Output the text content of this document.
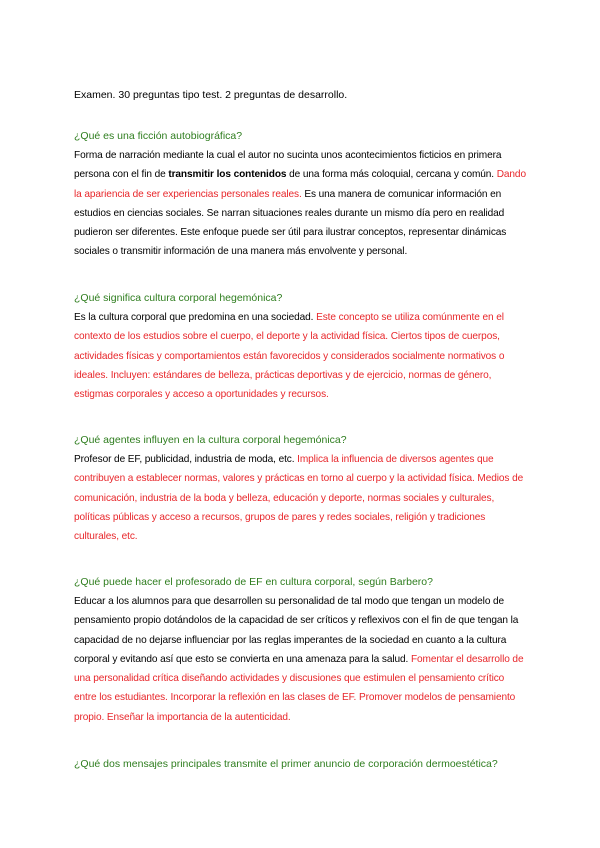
Examen. 30 preguntas tipo test. 2 preguntas de desarrollo.
¿Qué es una ficción autobiográfica?
Forma de narración mediante la cual el autor no sucinta unos acontecimientos ficticios en primera persona con el fin de transmitir los contenidos de una forma más coloquial, cercana y común. Dando la apariencia de ser experiencias personales reales. Es una manera de comunicar información en estudios en ciencias sociales. Se narran situaciones reales durante un mismo día pero en realidad pudieron ser diferentes. Este enfoque puede ser útil para ilustrar conceptos, representar dinámicas sociales o transmitir información de una manera más envolvente y personal.
¿Qué significa cultura corporal hegemónica?
Es la cultura corporal que predomina en una sociedad. Este concepto se utiliza comúnmente en el contexto de los estudios sobre el cuerpo, el deporte y la actividad física. Ciertos tipos de cuerpos, actividades físicas y comportamientos están favorecidos y considerados socialmente normativos o ideales. Incluyen: estándares de belleza, prácticas deportivas y de ejercicio, normas de género, estigmas corporales y acceso a oportunidades y recursos.
¿Qué agentes influyen en la cultura corporal hegemónica?
Profesor de EF, publicidad, industria de moda, etc. Implica la influencia de diversos agentes que contribuyen a establecer normas, valores y prácticas en torno al cuerpo y la actividad física. Medios de comunicación, industria de la boda y belleza, educación y deporte, normas sociales y culturales, políticas públicas y acceso a recursos, grupos de pares y redes sociales, religión y tradiciones culturales, etc.
¿Qué puede hacer el profesorado de EF en cultura corporal, según Barbero?
Educar a los alumnos para que desarrollen su personalidad de tal modo que tengan un modelo de pensamiento propio dotándolos de la capacidad de ser críticos y reflexivos con el fin de que tengan la capacidad de no dejarse influenciar por las reglas imperantes de la sociedad en cuanto a la cultura corporal y evitando así que esto se convierta en una amenaza para la salud. Fomentar el desarrollo de una personalidad crítica diseñando actividades y discusiones que estimulen el pensamiento crítico entre los estudiantes. Incorporar la reflexión en las clases de EF. Promover modelos de pensamiento propio. Enseñar la importancia de la autenticidad.
¿Qué dos mensajes principales transmite el primer anuncio de corporación dermoestética?
